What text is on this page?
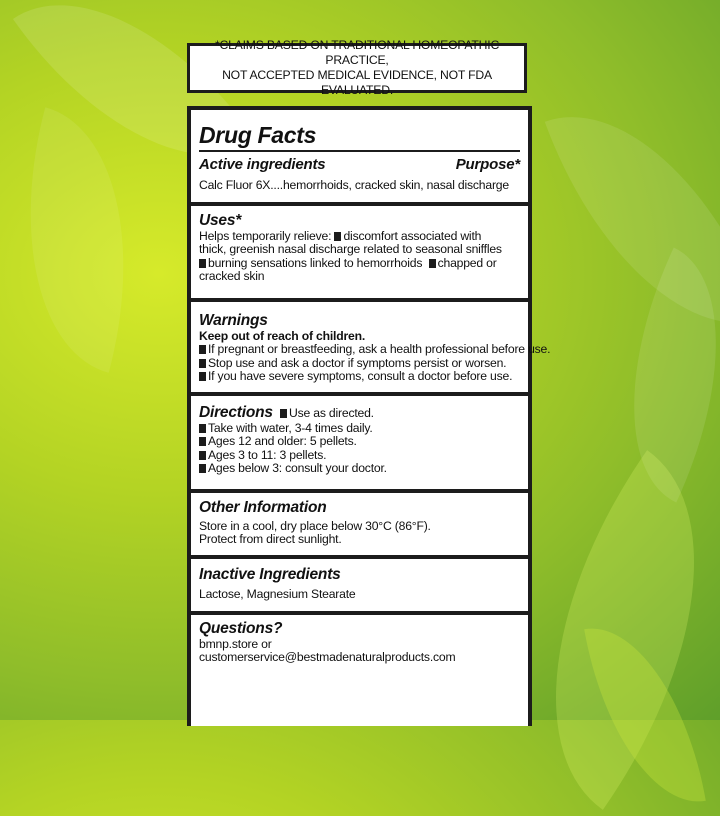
*CLAIMS BASED ON TRADITIONAL HOMEOPATHIC PRACTICE,
NOT ACCEPTED MEDICAL EVIDENCE, NOT FDA EVALUATED.
Drug Facts
Active ingredients	Purpose*
Calc Fluor 6X....hemorrhoids, cracked skin, nasal discharge
Uses*
Helps temporarily relieve: discomfort associated with
thick, greenish nasal discharge related to seasonal sniffles
burning sensations linked to hemorrhoids  chapped or
cracked skin
Warnings
Keep out of reach of children.
If pregnant or breastfeeding, ask a health professional before use.
Stop use and ask a doctor if symptoms persist or worsen.
If you have severe symptoms, consult a doctor before use.
Directions Use as directed.
Take with water, 3-4 times daily.
Ages 12 and older: 5 pellets.
Ages 3 to 11: 3 pellets.
Ages below 3: consult your doctor.
Other Information
Store in a cool, dry place below 30°C (86°F).
Protect from direct sunlight.
Inactive Ingredients
Lactose, Magnesium Stearate
Questions?
bmnp.store or
customerservice@bestmadenaturalproducts.com
